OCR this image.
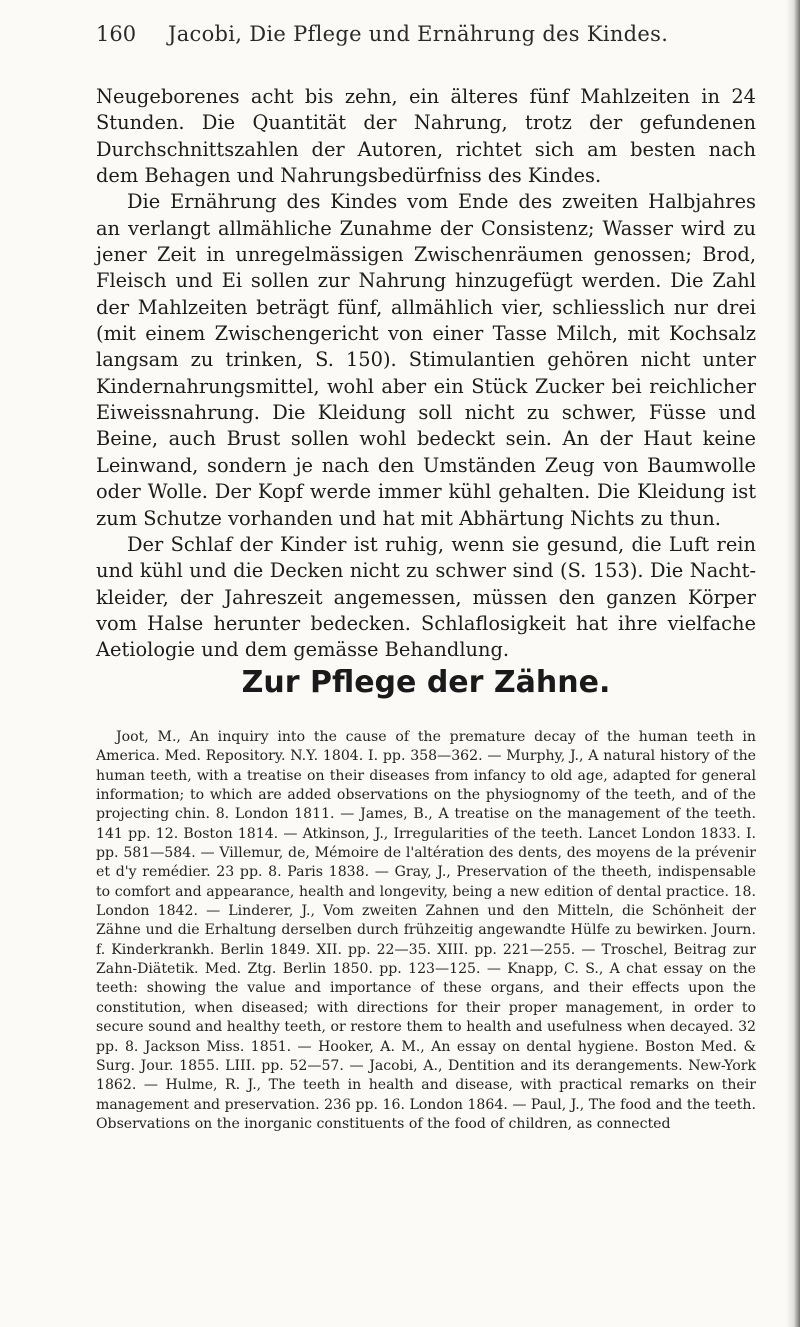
160 Jacobi, Die Pflege und Ernährung des Kindes.

Neugeborenes acht bis zehn, ein älteres fünf Mahlzeiten in 24 Stunden. Die Quantität der Nahrung, trotz der gefundenen Durchschnittszahlen der Autoren, richtet sich am besten nach dem Behagen und Nahrungsbedürfniss des Kindes.

Die Ernährung des Kindes vom Ende des zweiten Halbjahres an verlangt allmähliche Zunahme der Consistenz; Wasser wird zu jener Zeit in unregelmässigen Zwischenräumen genossen; Brod, Fleisch und Ei sollen zur Nahrung hinzugefügt werden. Die Zahl der Mahlzeiten beträgt fünf, allmählich vier, schliesslich nur drei (mit einem Zwischengericht von einer Tasse Milch, mit Kochsalz langsam zu trinken, S. 150). Stimulantien gehören nicht unter Kindernahrungsmittel, wohl aber ein Stück Zucker bei reichlicher Eiweissnahrung. Die Kleidung soll nicht zu schwer, Füsse und Beine, auch Brust sollen wohl bedeckt sein. An der Haut keine Leinwand, sondern je nach den Umständen Zeug von Baumwolle oder Wolle. Der Kopf werde immer kühl gehalten. Die Kleidung ist zum Schutze vorhanden und hat mit Abhärtung Nichts zu thun.

Der Schlaf der Kinder ist ruhig, wenn sie gesund, die Luft rein und kühl und die Decken nicht zu schwer sind (S. 153). Die Nachtkleider, der Jahreszeit angemessen, müssen den ganzen Körper vom Halse herunter bedecken. Schlaflosigkeit hat ihre vielfache Aetiologie und dem gemässe Behandlung.

Zur Pflege der Zähne.

Joot, M., An inquiry into the cause of the premature decay of the human teeth in America. Med. Repository. N.Y. 1804. I. pp. 358—362. — Murphy, J., A natural history of the human teeth, with a treatise on their diseases from infancy to old age, adapted for general information; to which are added observations on the physiognomy of the teeth, and of the projecting chin. 8. London 1811. — James, B., A treatise on the management of the teeth. 141 pp. 12. Boston 1814. — Atkinson, J., Irregularities of the teeth. Lancet London 1833. I. pp. 581—584. — Villemur, de, Mémoire de l'altération des dents, des moyens de la prévenir et d'y remédier. 23 pp. 8. Paris 1838. — Gray, J., Preservation of the theeth, indispensable to comfort and appearance, health and longevity, being a new edition of dental practice. 18. London 1842. — Linderer, J., Vom zweiten Zahnen und den Mitteln, die Schönheit der Zähne und die Erhaltung derselben durch frühzeitig angewandte Hülfe zu bewirken. Journ. f. Kinderkrankh. Berlin 1849. XII. pp. 22—35. XIII. pp. 221—255. — Troschel, Beitrag zur Zahn-Diätetik. Med. Ztg. Berlin 1850. pp. 123—125. — Knapp, C. S., A chat essay on the teeth: showing the value and importance of these organs, and their effects upon the constitution, when diseased; with directions for their proper management, in order to secure sound and healthy teeth, or restore them to health and usefulness when decayed. 32 pp. 8. Jackson Miss. 1851. — Hooker, A. M., An essay on dental hygiene. Boston Med. & Surg. Jour. 1855. LIII. pp. 52—57. — Jacobi, A., Dentition and its derangements. New-York 1862. — Hulme, R. J., The teeth in health and disease, with practical remarks on their management and preservation. 236 pp. 16. London 1864. — Paul, J., The food and the teeth. Observations on the inorganic constituents of the food of children, as connected
